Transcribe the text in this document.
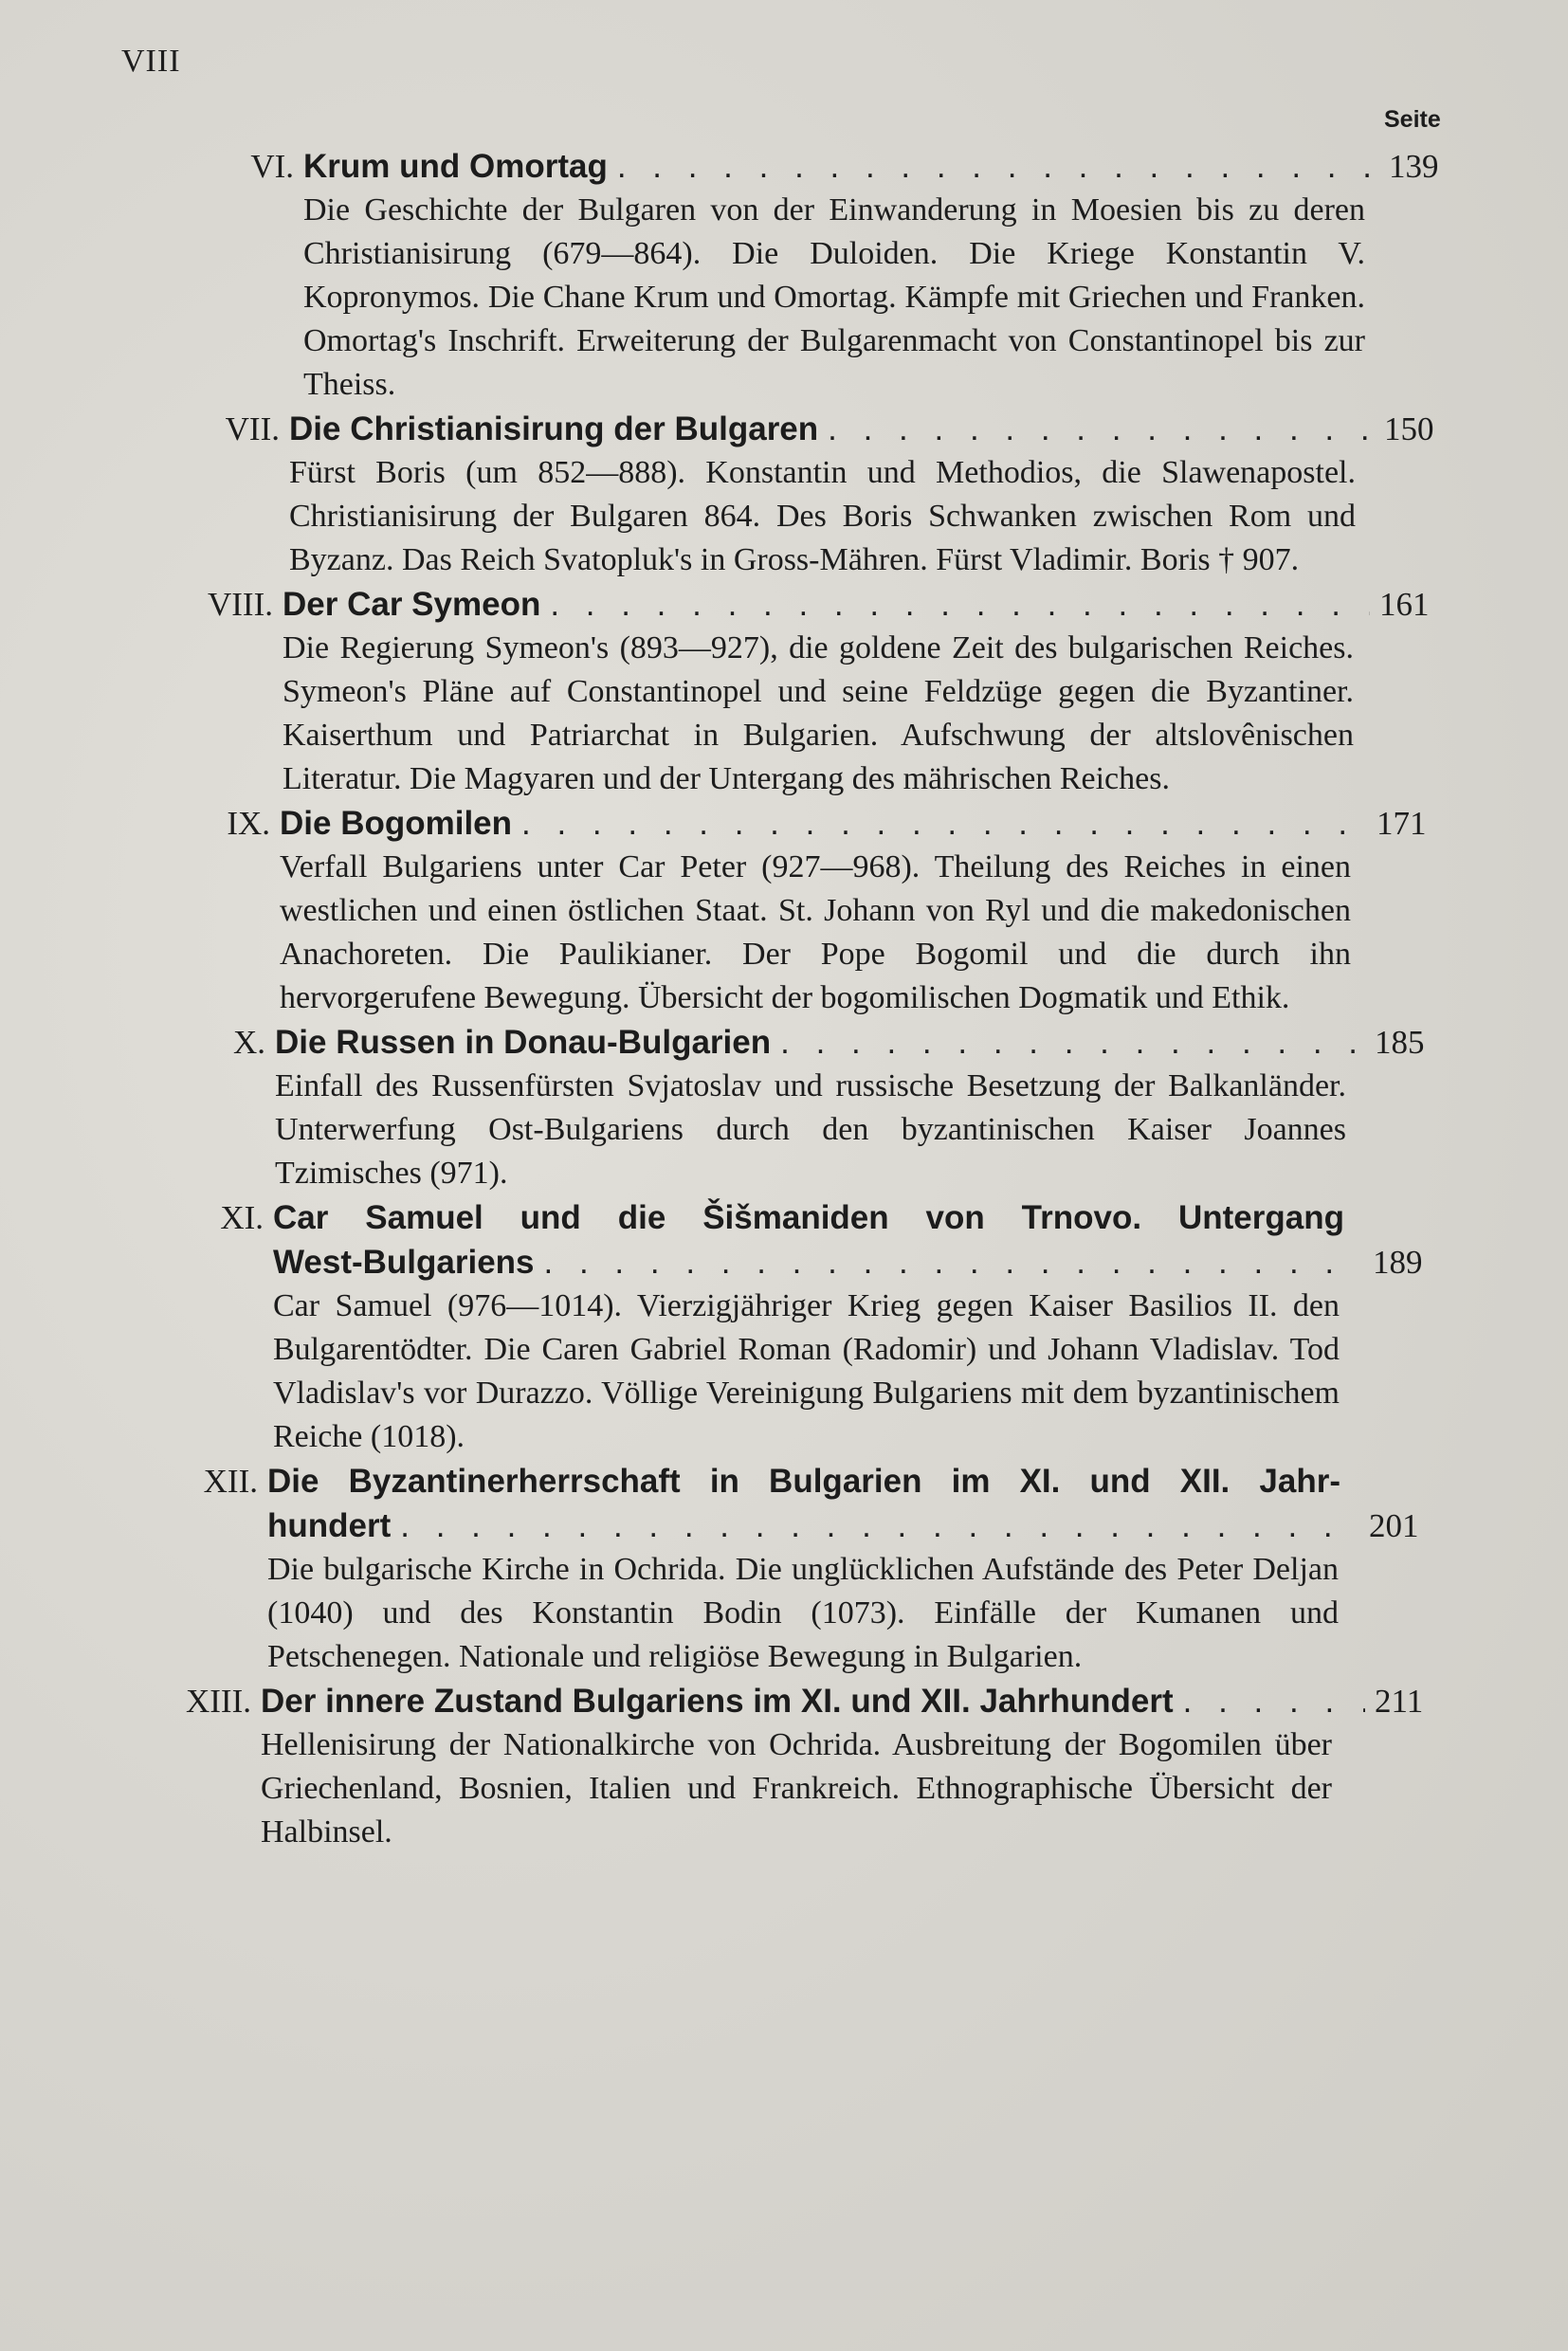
VIII
Seite
VI. Krum und Omortag . . .	139
Die Geschichte der Bulgaren von der Einwanderung in Moesien bis zu deren Christianisirung (679—864). Die Duloiden. Die Kriege Konstantin V. Kopronymos. Die Chane Krum und Omortag. Kämpfe mit Griechen und Franken. Omortag's Inschrift. Erweiterung der Bulgarenmacht von Constantinopel bis zur Theiss.
VII. Die Christianisirung der Bulgaren . . .	150
Fürst Boris (um 852—888). Konstantin und Methodios, die Slawenapostel. Christianisirung der Bulgaren 864. Des Boris Schwanken zwischen Rom und Byzanz. Das Reich Svatopluk's in Gross-Mähren. Fürst Vladimir. Boris † 907.
VIII. Der Car Symeon . . .	161
Die Regierung Symeon's (893—927), die goldene Zeit des bulgarischen Reiches. Symeon's Pläne auf Constantinopel und seine Feldzüge gegen die Byzantiner. Kaiserthum und Patriarchat in Bulgarien. Aufschwung der altslovênischen Literatur. Die Magyaren und der Untergang des mährischen Reiches.
IX. Die Bogomilen . . .	171
Verfall Bulgariens unter Car Peter (927—968). Theilung des Reiches in einen westlichen und einen östlichen Staat. St. Johann von Ryl und die makedonischen Anachoreten. Die Paulikianer. Der Pope Bogomil und die durch ihn hervorgerufene Bewegung. Übersicht der bogomilischen Dogmatik und Ethik.
X. Die Russen in Donau-Bulgarien . . .	185
Einfall des Russenfürsten Svjatoslav und russische Besetzung der Balkanländer. Unterwerfung Ost-Bulgariens durch den byzantinischen Kaiser Joannes Tzimisches (971).
XI. Car Samuel und die Šišmaniden von Trnovo. Untergang
West-Bulgariens . . .	189
Car Samuel (976—1014). Vierzigjähriger Krieg gegen Kaiser Basilios II. den Bulgarentödter. Die Caren Gabriel Roman (Radomir) und Johann Vladislav. Tod Vladislav's vor Durazzo. Völlige Vereinigung Bulgariens mit dem byzantinischem Reiche (1018).
XII. Die Byzantinerherrschaft in Bulgarien im XI. und XII. Jahr-
hundert . . .	201
Die bulgarische Kirche in Ochrida. Die unglücklichen Aufstände des Peter Deljan (1040) und des Konstantin Bodin (1073). Einfälle der Kumanen und Petschenegen. Nationale und religiöse Bewegung in Bulgarien.
XIII. Der innere Zustand Bulgariens im XI. und XII. Jahrhundert . . .	211
Hellenisirung der Nationalkirche von Ochrida. Ausbreitung der Bogomilen über Griechenland, Bosnien, Italien und Frankreich. Ethnographische Übersicht der Halbinsel.
